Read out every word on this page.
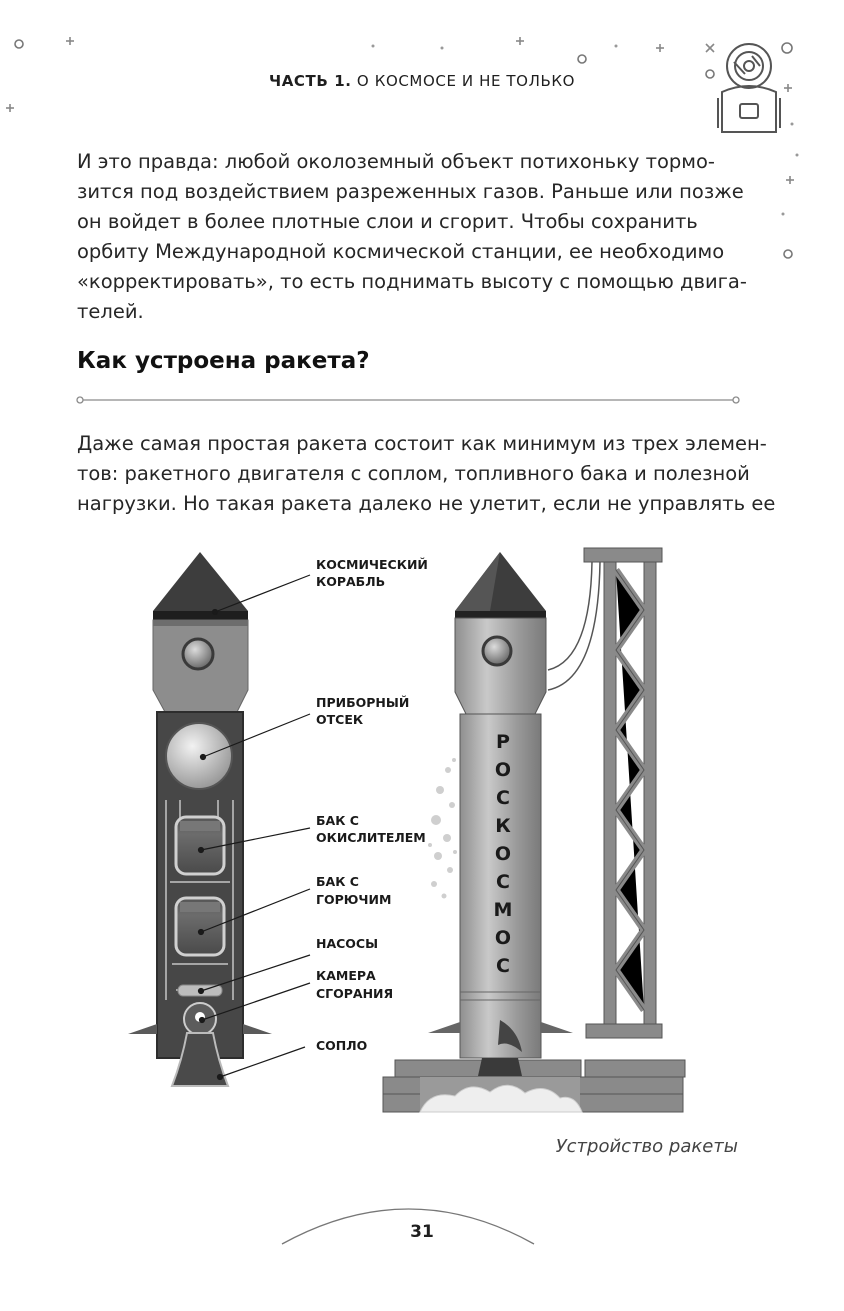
ЧАСТЬ 1. О КОСМОСЕ И НЕ ТОЛЬКО
И это правда: любой околоземный объект потихоньку тормо-
зится под воздействием разреженных газов. Раньше или позже
он войдет в более плотные слои и сгорит. Чтобы сохранить
орбиту Международной космической станции, ее необходимо
«корректировать», то есть поднимать высоту с помощью двига-
телей.
Как устроена ракета?
Даже самая простая ракета состоит как минимум из трех элемен-
тов: ракетного двигателя с соплом, топливного бака и полезной
нагрузки. Но такая ракета далеко не улетит, если не управлять ее
КОСМИЧЕСКИЙ
КОРАБЛЬ
ПРИБОРНЫЙ
ОТСЕК
БАК С
ОКИСЛИТЕЛЕМ
БАК С
ГОРЮЧИМ
НАСОСЫ
КАМЕРА
СГОРАНИЯ
СОПЛО
Р
О
С
К
О
С
М
О
С
Устройство ракеты
31
